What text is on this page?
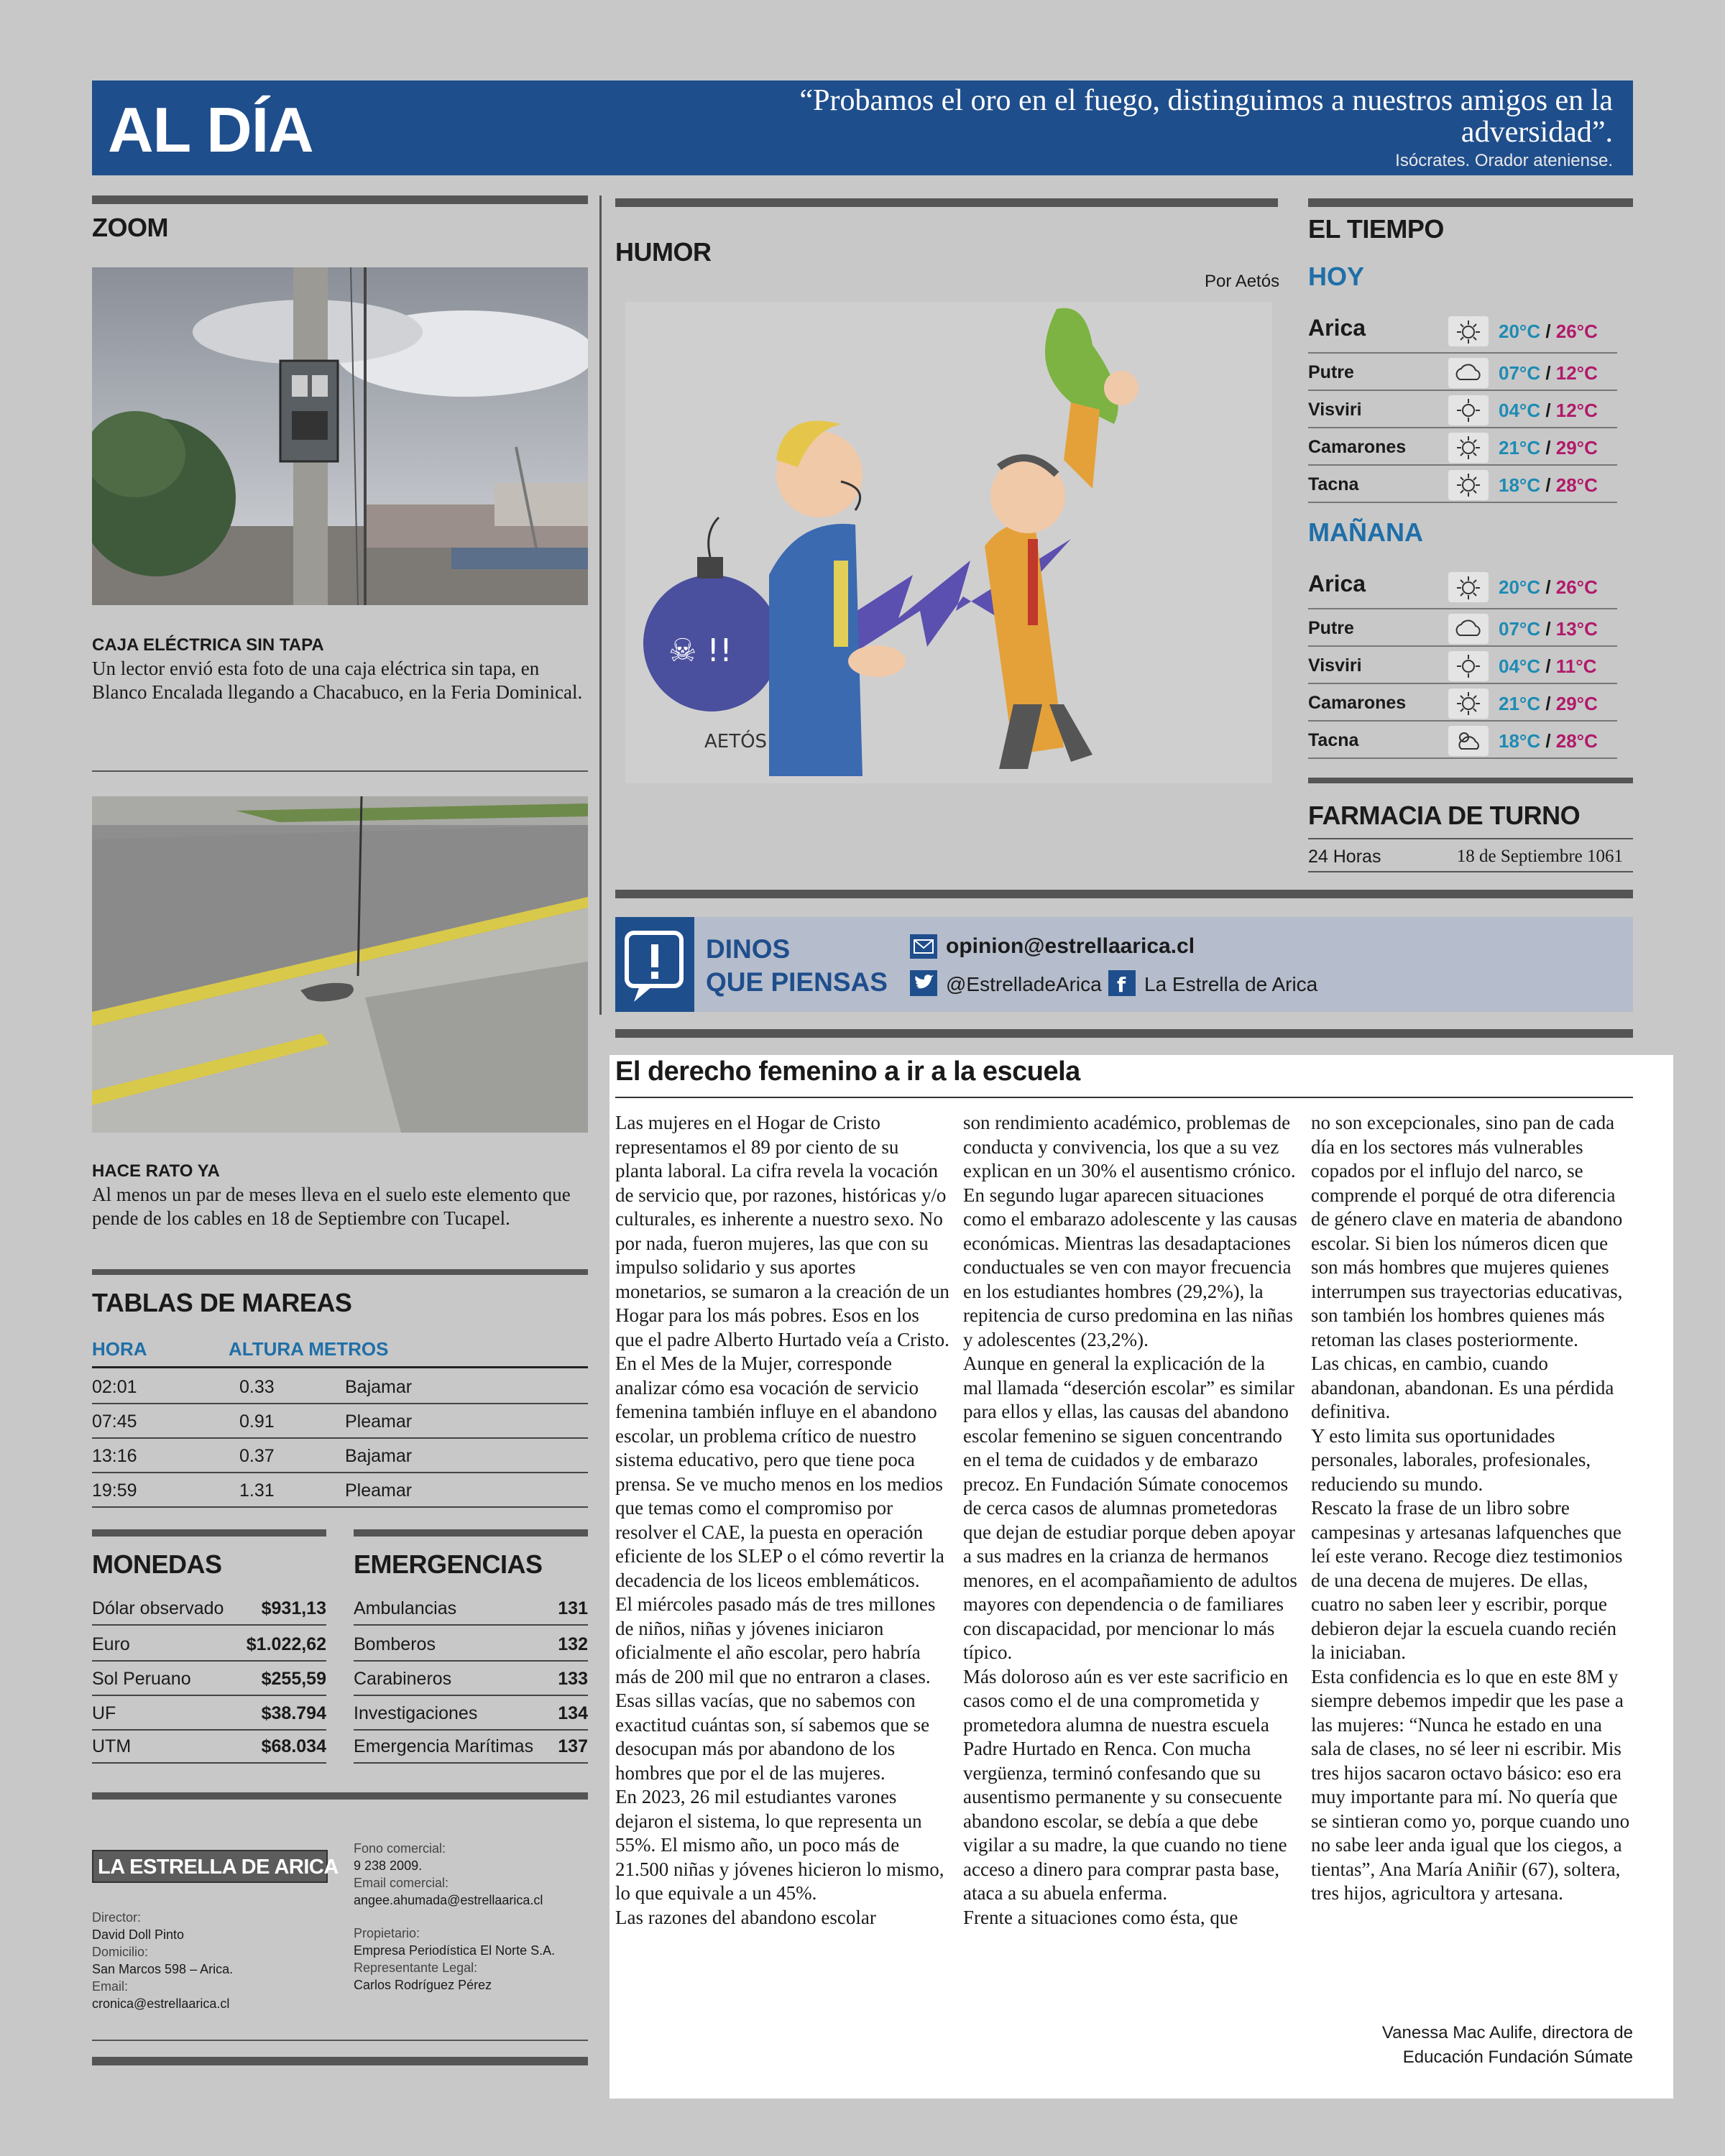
AL DÍA	“Probamos el oro en el fuego, distinguimos a nuestros amigos en la adversidad”.
Isócrates. Orador ateniense.
ZOOM
CAJA ELÉCTRICA SIN TAPA
Un lector envió esta foto de una caja eléctrica sin tapa, en Blanco Encalada llegando a Chacabuco, en la Feria Dominical.
HACE RATO YA
Al menos un par de meses lleva en el suelo este elemento que pende de los cables en 18 de Septiembre con Tucapel.
TABLAS DE MAREAS
HORA	ALTURA METROS
02:01	0.33	Bajamar
07:45	0.91	Pleamar
13:16	0.37	Bajamar
19:59	1.31	Pleamar
MONEDAS
Dólar observado $931,13
Euro	$1.022,62
Sol Peruano	$255,59
UF	$38.794
UTM	$68.034
EMERGENCIAS
Ambulancias	131
Bomberos	132
Carabineros	133
Investigaciones	134
Emergencia Marítimas 137
LA ESTRELLA DE ARICA
Director:
David Doll Pinto
Domicilio:
San Marcos 598 – Arica.
Email:
cronica@estrellaarica.cl
Fono comercial:
9 238 2009.
Email comercial:
angee.ahumada@estrellaarica.cl
Propietario:
Empresa Periodística El Norte S.A.
Representante Legal:
Carlos Rodríguez Pérez
HUMOR
Por Aetós
☠ !!
AETÓS
EL TIEMPO
HOY
Arica	20°C / 26°C
Putre	07°C / 12°C
Visviri	04°C / 12°C
Camarones	21°C / 29°C
Tacna	18°C / 28°C
MAÑANA
Arica	20°C / 26°C
Putre	07°C / 13°C
Visviri	04°C / 11°C
Camarones	21°C / 29°C
Tacna	18°C / 28°C
FARMACIA DE TURNO
24 Horas	18 de Septiembre 1061
DINOS
QUE PIENSAS
opinion@estrellaarica.cl
@EstrelladeArica f La Estrella de Arica
El derecho femenino a ir a la escuela

Las mujeres en el Hogar de Cristo representamos el 89 por ciento de su planta laboral. La cifra revela la vocación de servicio que, por razones, históricas y/o culturales, es inherente a nuestro sexo. No por nada, fueron mujeres, las que con su impulso solidario y sus aportes monetarios, se sumaron a la creación de un Hogar para los más pobres. Esos en los que el padre Alberto Hurtado veía a Cristo.

En el Mes de la Mujer, corresponde analizar cómo esa vocación de servicio femenina también influye en el abandono escolar, un problema crítico de nuestro sistema educativo, pero que tiene poca prensa. Se ve mucho menos en los medios que temas como el compromiso por resolver el CAE, la puesta en operación eficiente de los SLEP o el cómo revertir la decadencia de los liceos emblemáticos.

El miércoles pasado más de tres millones de niños, niñas y jóvenes iniciaron oficialmente el año escolar, pero habría más de 200 mil que no entraron a clases. Esas sillas vacías, que no sabemos con exactitud cuántas son, sí sabemos que se desocupan más por abandono de los hombres que por el de las mujeres.

En 2023, 26 mil estudiantes varones dejaron el sistema, lo que representa un 55%. El mismo año, un poco más de 21.500 niñas y jóvenes hicieron lo mismo, lo que equivale a un 45%.

Las razones del abandono escolar

son rendimiento académico, problemas de conducta y convivencia, los que a su vez explican en un 30% el ausentismo crónico. En segundo lugar aparecen situaciones como el embarazo adolescente y las causas económicas. Mientras las desadaptaciones conductuales se ven con mayor frecuencia en los estudiantes hombres (29,2%), la repitencia de curso predomina en las niñas y adolescentes (23,2%).

Aunque en general la explicación de la mal llamada “deserción escolar” es similar para ellos y ellas, las causas del abandono escolar femenino se siguen concentrando en el tema de cuidados y de embarazo precoz. En Fundación Súmate conocemos de cerca casos de alumnas prometedoras que dejan de estudiar porque deben apoyar a sus madres en la crianza de hermanos menores, en el acompañamiento de adultos mayores con dependencia o de familiares con discapacidad, por mencionar lo más típico.

Más doloroso aún es ver este sacrificio en casos como el de una comprometida y prometedora alumna de nuestra escuela Padre Hurtado en Renca. Con mucha vergüenza, terminó confesando que su ausentismo permanente y su consecuente abandono escolar, se debía a que debe vigilar a su madre, la que cuando no tiene acceso a dinero para comprar pasta base, ataca a su abuela enferma.

Frente a situaciones como ésta, que

no son excepcionales, sino pan de cada día en los sectores más vulnerables copados por el influjo del narco, se comprende el porqué de otra diferencia de género clave en materia de abandono escolar. Si bien los números dicen que son más hombres que mujeres quienes interrumpen sus trayectorias educativas, son también los hombres quienes más retoman las clases posteriormente.

Las chicas, en cambio, cuando abandonan, abandonan. Es una pérdida definitiva.

Y esto limita sus oportunidades personales, laborales, profesionales, reduciendo su mundo.

Rescato la frase de un libro sobre campesinas y artesanas lafquenches que leí este verano. Recoge diez testimonios de una decena de mujeres. De ellas, cuatro no saben leer y escribir, porque debieron dejar la escuela cuando recién la iniciaban.

Esta confidencia es lo que en este 8M y siempre debemos impedir que les pase a las mujeres: “Nunca he estado en una sala de clases, no sé leer ni escribir. Mis tres hijos sacaron octavo básico: eso era muy importante para mí. No quería que se sintieran como yo, porque cuando uno no sabe leer anda igual que los ciegos, a tientas”, Ana María Aniñir (67), soltera, tres hijos, agricultora y artesana.

Vanessa Mac Aulife, directora de
Educación Fundación Súmate
